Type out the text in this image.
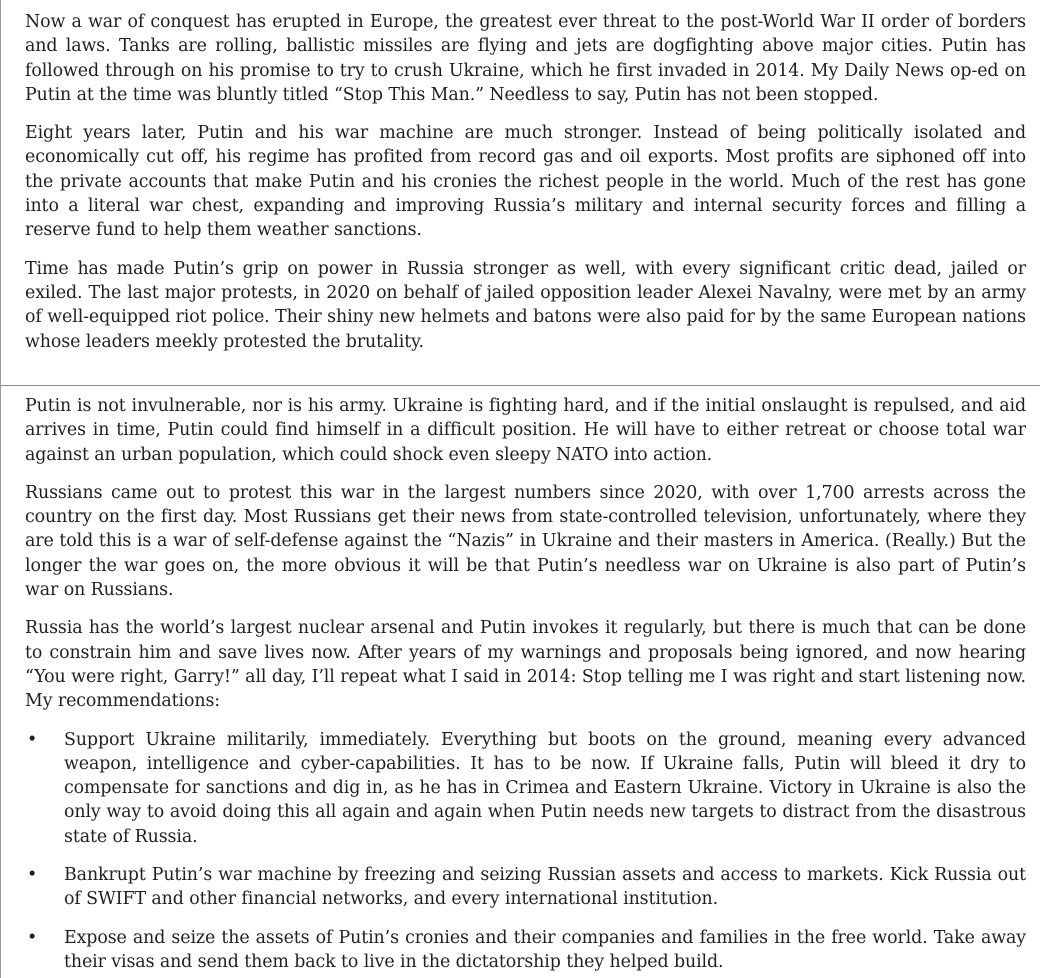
Now a war of conquest has erupted in Europe, the greatest ever threat to the post-World War II order of borders and laws. Tanks are rolling, ballistic missiles are flying and jets are dogfighting above major cities. Putin has followed through on his promise to try to crush Ukraine, which he first invaded in 2014. My Daily News op-ed on Putin at the time was bluntly titled “Stop This Man.” Needless to say, Putin has not been stopped.

Eight years later, Putin and his war machine are much stronger. Instead of being politically isolated and economically cut off, his regime has profited from record gas and oil exports. Most profits are siphoned off into the private accounts that make Putin and his cronies the richest people in the world. Much of the rest has gone into a literal war chest, expanding and improving Russia’s military and internal security forces and filling a reserve fund to help them weather sanctions.

Time has made Putin’s grip on power in Russia stronger as well, with every significant critic dead, jailed or exiled. The last major protests, in 2020 on behalf of jailed opposition leader Alexei Navalny, were met by an army of well-equipped riot police. Their shiny new helmets and batons were also paid for by the same European nations whose leaders meekly protested the brutality.

Putin is not invulnerable, nor is his army. Ukraine is fighting hard, and if the initial onslaught is repulsed, and aid arrives in time, Putin could find himself in a difficult position. He will have to either retreat or choose total war against an urban population, which could shock even sleepy NATO into action.

Russians came out to protest this war in the largest numbers since 2020, with over 1,700 arrests across the country on the first day. Most Russians get their news from state-controlled television, unfortunately, where they are told this is a war of self-defense against the “Nazis” in Ukraine and their masters in America. (Really.) But the longer the war goes on, the more obvious it will be that Putin’s needless war on Ukraine is also part of Putin’s war on Russians.

Russia has the world’s largest nuclear arsenal and Putin invokes it regularly, but there is much that can be done to constrain him and save lives now. After years of my warnings and proposals being ignored, and now hearing “You were right, Garry!” all day, I’ll repeat what I said in 2014: Stop telling me I was right and start listening now. My recommendations:

• Support Ukraine militarily, immediately. Everything but boots on the ground, meaning every advanced weapon, intelligence and cyber-capabilities. It has to be now. If Ukraine falls, Putin will bleed it dry to compensate for sanctions and dig in, as he has in Crimea and Eastern Ukraine. Victory in Ukraine is also the only way to avoid doing this all again and again when Putin needs new targets to distract from the disastrous state of Russia.
• Bankrupt Putin’s war machine by freezing and seizing Russian assets and access to markets. Kick Russia out of SWIFT and other financial networks, and every international institution.
• Expose and seize the assets of Putin’s cronies and their companies and families in the free world. Take away their visas and send them back to live in the dictatorship they helped build.
